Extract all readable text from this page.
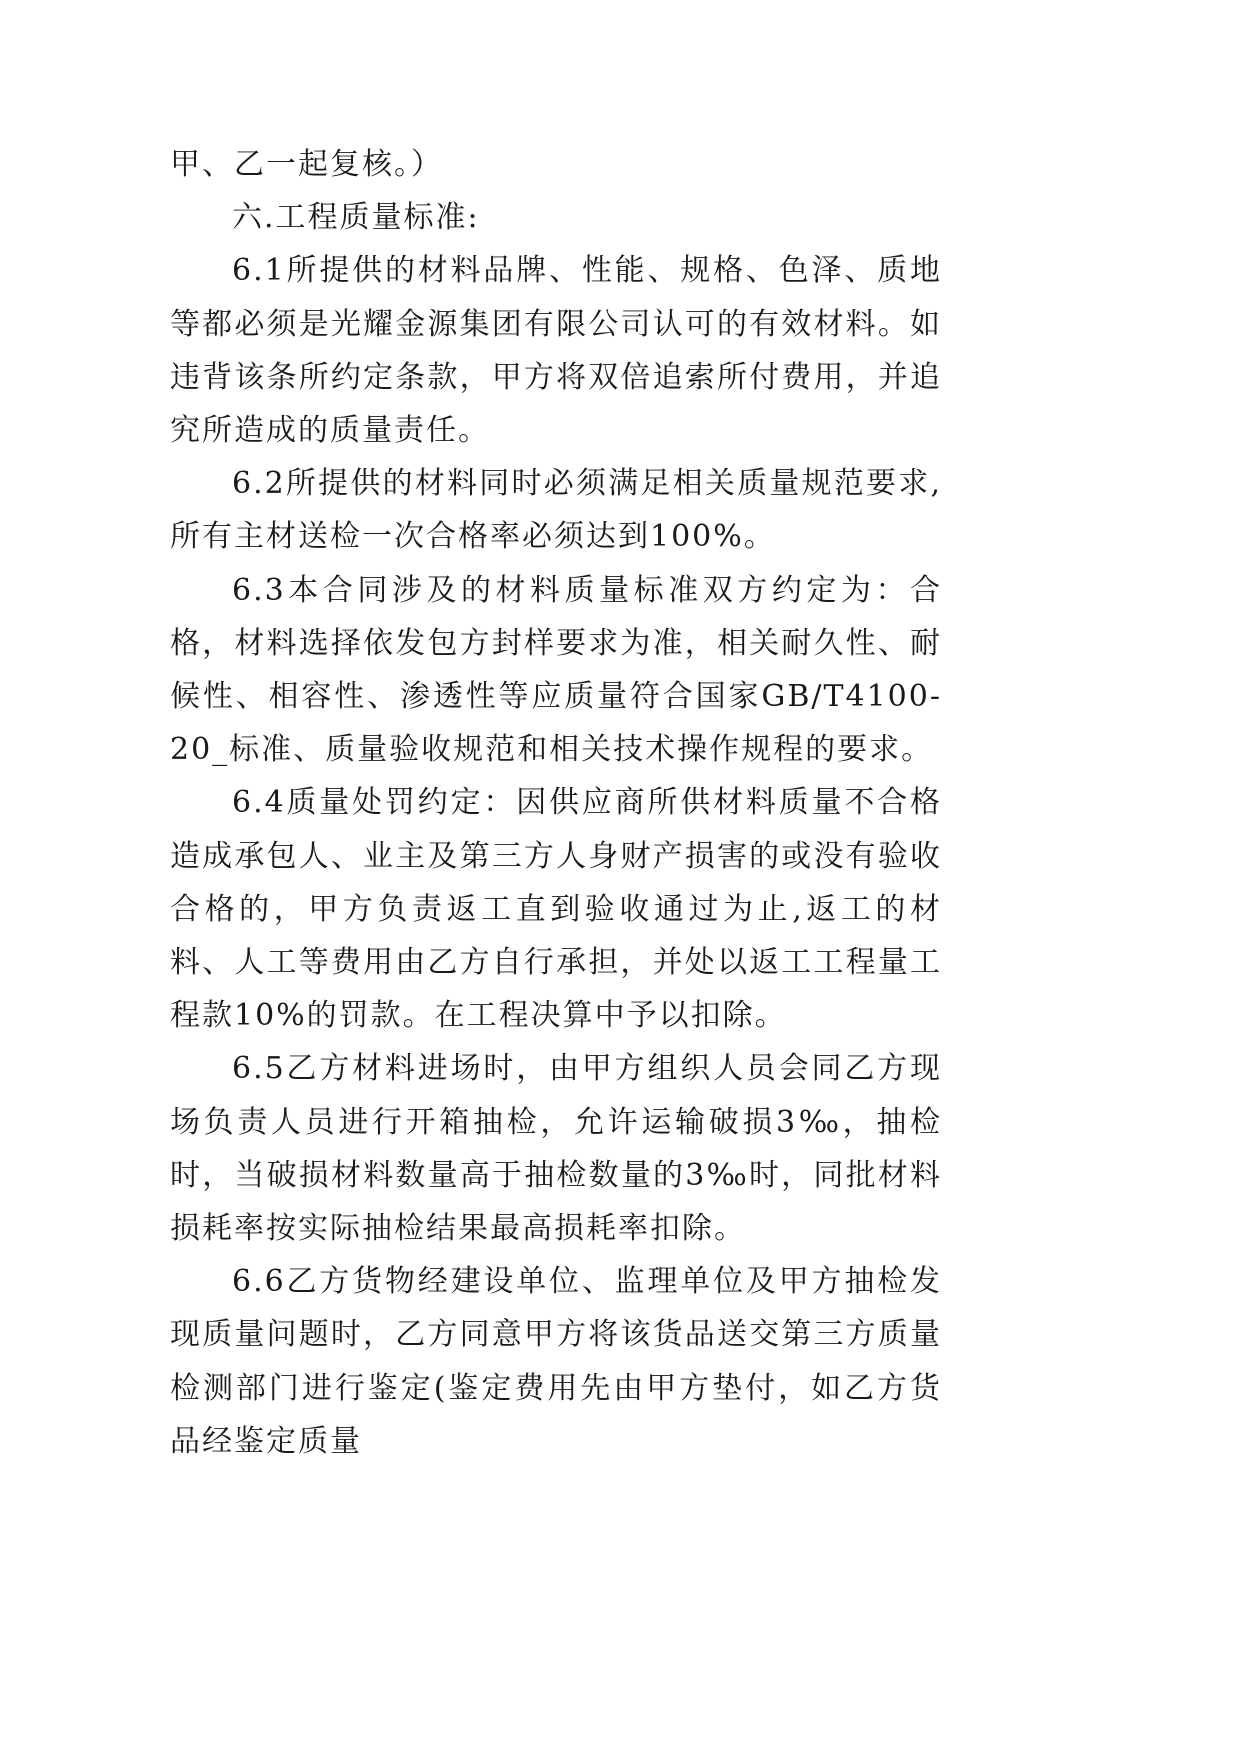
甲、乙一起复核。）

六.工程质量标准:

6.1所提供的材料品牌、性能、规格、色泽、质地等都必须是光耀金源集团有限公司认可的有效材料。如违背该条所约定条款，甲方将双倍追索所付费用，并追究所造成的质量责任。

6.2所提供的材料同时必须满足相关质量规范要求,所有主材送检一次合格率必须达到100%。

6.3本合同涉及的材料质量标准双方约定为：合格，材料选择依发包方封样要求为准，相关耐久性、耐候性、相容性、渗透性等应质量符合国家GB/T4100-20_标准、质量验收规范和相关技术操作规程的要求。

6.4质量处罚约定：因供应商所供材料质量不合格造成承包人、业主及第三方人身财产损害的或没有验收合格的，甲方负责返工直到验收通过为止,返工的材料、人工等费用由乙方自行承担，并处以返工工程量工程款10%的罚款。在工程决算中予以扣除。

6.5乙方材料进场时，由甲方组织人员会同乙方现场负责人员进行开箱抽检，允许运输破损3‰，抽检时，当破损材料数量高于抽检数量的3‰时，同批材料损耗率按实际抽检结果最高损耗率扣除。

6.6乙方货物经建设单位、监理单位及甲方抽检发现质量问题时，乙方同意甲方将该货品送交第三方质量检测部门进行鉴定(鉴定费用先由甲方垫付，如乙方货品经鉴定质量
